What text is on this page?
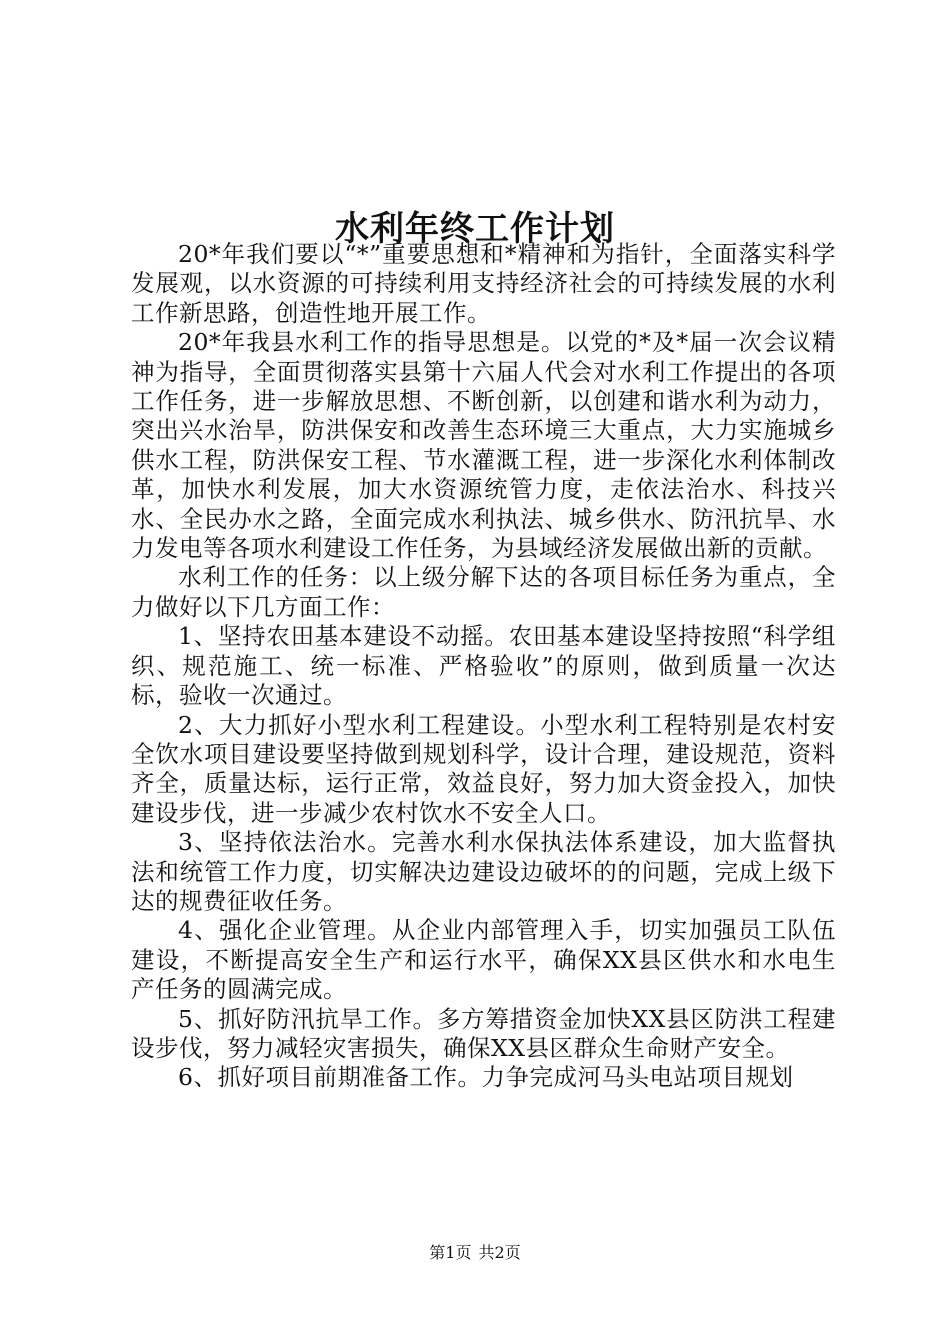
水利年终工作计划

20*年我们要以“*”重要思想和*精神和为指针，全面落实科学发展观，以水资源的可持续利用支持经济社会的可持续发展的水利工作新思路，创造性地开展工作。

20*年我县水利工作的指导思想是。以党的*及*届一次会议精神为指导，全面贯彻落实县第十六届人代会对水利工作提出的各项工作任务，进一步解放思想、不断创新，以创建和谐水利为动力，突出兴水治旱，防洪保安和改善生态环境三大重点，大力实施城乡供水工程，防洪保安工程、节水灌溉工程，进一步深化水利体制改革，加快水利发展，加大水资源统管力度，走依法治水、科技兴水、全民办水之路，全面完成水利执法、城乡供水、防汛抗旱、水力发电等各项水利建设工作任务，为县域经济发展做出新的贡献。

水利工作的任务：以上级分解下达的各项目标任务为重点，全力做好以下几方面工作：

1、坚持农田基本建设不动摇。农田基本建设坚持按照“科学组织、规范施工、统一标准、严格验收”的原则，做到质量一次达标，验收一次通过。

2、大力抓好小型水利工程建设。小型水利工程特别是农村安全饮水项目建设要坚持做到规划科学，设计合理，建设规范，资料齐全，质量达标，运行正常，效益良好，努力加大资金投入，加快建设步伐，进一步减少农村饮水不安全人口。

3、坚持依法治水。完善水利水保执法体系建设，加大监督执法和统管工作力度，切实解决边建设边破坏的的问题，完成上级下达的规费征收任务。

4、强化企业管理。从企业内部管理入手，切实加强员工队伍建设，不断提高安全生产和运行水平，确保XX县区供水和水电生产任务的圆满完成。

5、抓好防汛抗旱工作。多方筹措资金加快XX县区防洪工程建设步伐，努力减轻灾害损失，确保XX县区群众生命财产安全。

6、抓好项目前期准备工作。力争完成河马头电站项目规划

第1页 共2页
